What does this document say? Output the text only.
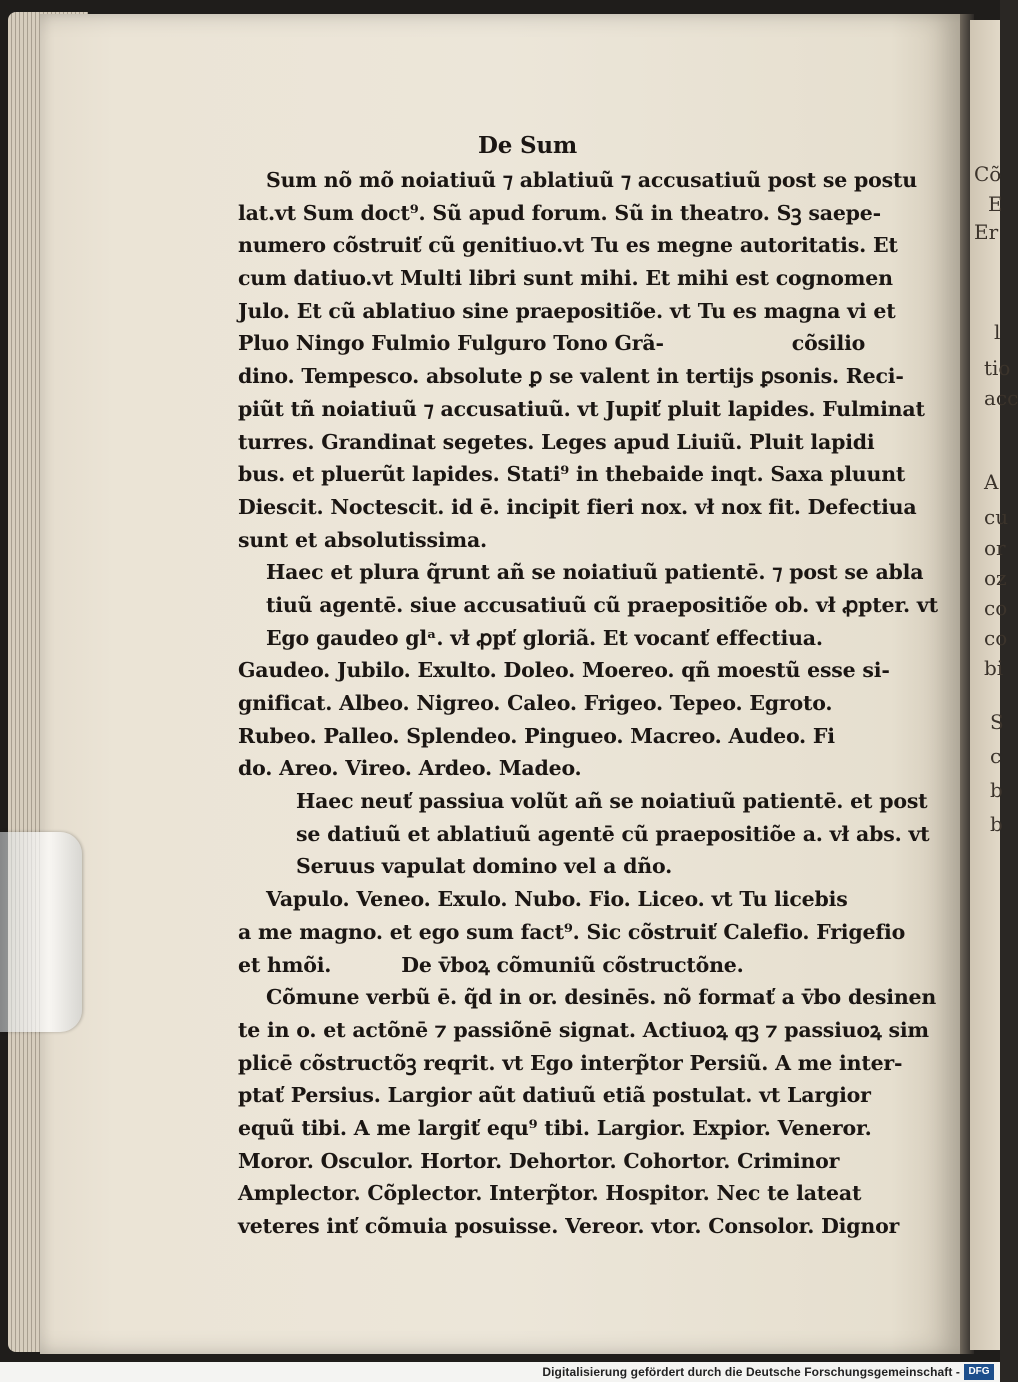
Cõ
E
Er
l
tio
acc
A
cu
or
oz
co
co
bi
S
c
b
b
De Sum
Sum nõ mõ noiatiuũ ⁊ ablatiuũ ⁊ accusatiuũ post se postu
lat.vt Sum doct⁹. Sũ apud forum. Sũ in theatro. Sꝫ saepe-
numero cõstruiť cũ genitiuo.vt Tu es megne autoritatis. Et
cum datiuo.vt Multi libri sunt mihi. Et mihi est cognomen
Julo. Et cũ ablatiuo sine praepositiõe. vt Tu es magna vi et
Pluo Ningo Fulmio Fulguro Tono Grã-	cõsilio
dino. Tempesco. absolute ꝑ se valent in tertijs ꝑsonis. Reci-
piũt tñ noiatiuũ ⁊ accusatiuũ. vt Jupiť pluit lapides. Fulminat
turres. Grandinat segetes. Leges apud Liuiũ. Pluit lapidi
bus. et pluerũt lapides. Stati⁹ in thebaide inqt. Saxa pluunt
Diescit. Noctescit. id ē. incipit fieri nox. vł nox fit. Defectiua
sunt et absolutissima.
Haec et plura q̃runt añ se noiatiuũ patientē. ⁊ post se abla
tiuũ agentē. siue accusatiuũ cũ praepositiõe ob. vł ꝓpter. vt
Ego gaudeo glᵃ. vł ꝓpť gloriã. Et vocanť effectiua.
Gaudeo. Jubilo. Exulto. Doleo. Moereo. qñ moestũ esse si-
gnificat. Albeo. Nigreo. Caleo. Frigeo. Tepeo. Egroto.
Rubeo. Palleo. Splendeo. Pingueo. Macreo. Audeo. Fi
do. Areo. Vireo. Ardeo. Madeo.
Haec neuť passiua volũt añ se noiatiuũ patientē. et post
se datiuũ et ablatiuũ agentē cũ praepositiõe a. vł abs. vt
Seruus vapulat domino vel a dño.
Vapulo. Veneo. Exulo. Nubo. Fio. Liceo. vt Tu licebis
a me magno. et ego sum fact⁹. Sic cõstruiť Calefio. Frigefio
et hmõi.	De v̄boꝝ cõmuniũ cõstructõne.
Cõmune verbũ ē. q̃d in or. desinēs. nõ formať a v̄bo desinen
te in o. et actõnē ⁊ passiõnē signat. Actiuoꝝ qꝫ ⁊ passiuoꝝ sim
plicē cõstructõꝫ reqrit. vt Ego interp̃tor Persiũ. A me inter-
ptať Persius. Largior aũt datiuũ etiã postulat. vt Largior
equũ tibi. A me largiť equ⁹ tibi. Largior. Expior. Veneror.
Moror. Osculor. Hortor. Dehortor. Cohortor. Criminor
Amplector. Cõplector. Interp̃tor. Hospitor. Nec te lateat
veteres inť cõmuia posuisse. Vereor. vtor. Consolor. Dignor
Digitalisierung gefördert durch die Deutsche Forschungsgemeinschaft - DFG
